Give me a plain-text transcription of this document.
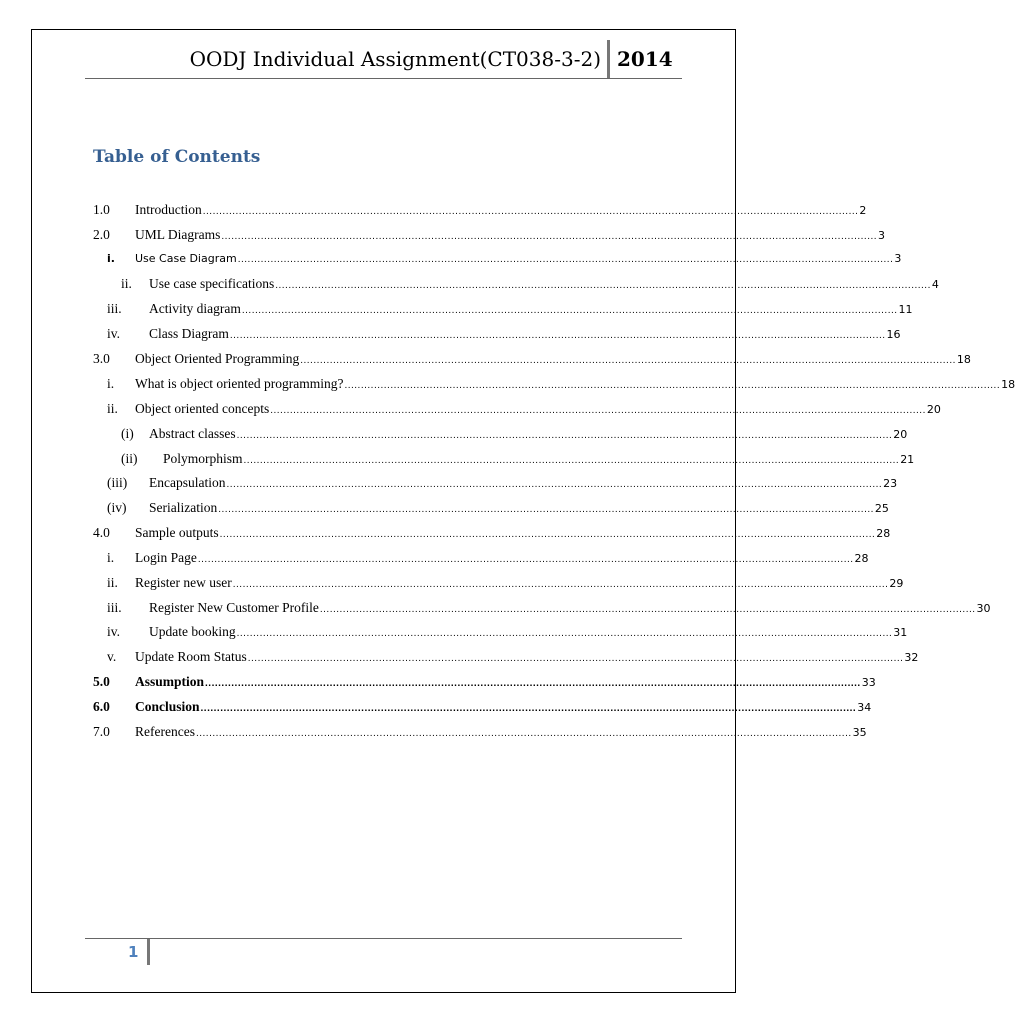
OODJ Individual Assignment(CT038-3-2) 2014
Table of Contents
1.0 Introduction ........................................................................................................................................................................................................ 2
2.0 UML Diagrams ........................................................................................................................................................................................................ 3
i. Use Case Diagram ........................................................................................................................................................................................................ 3
ii. Use case specifications ........................................................................................................................................................................................................ 4
iii. Activity diagram ........................................................................................................................................................................................................ 11
iv. Class Diagram ........................................................................................................................................................................................................ 16
3.0 Object Oriented Programming ........................................................................................................................................................................................................ 18
i. What is object oriented programming? ........................................................................................................................................................................................................ 18
ii. Object oriented concepts ........................................................................................................................................................................................................ 20
(i) Abstract classes ........................................................................................................................................................................................................ 20
(ii) Polymorphism ........................................................................................................................................................................................................ 21
(iii) Encapsulation ........................................................................................................................................................................................................ 23
(iv) Serialization ........................................................................................................................................................................................................ 25
4.0 Sample outputs ........................................................................................................................................................................................................ 28
i. Login Page ........................................................................................................................................................................................................ 28
ii. Register new user ........................................................................................................................................................................................................ 29
iii. Register New Customer Profile ........................................................................................................................................................................................................ 30
iv. Update booking ........................................................................................................................................................................................................ 31
v. Update Room Status ........................................................................................................................................................................................................ 32
5.0 Assumption ........................................................................................................................................................................................................ 33
6.0 Conclusion ........................................................................................................................................................................................................ 34
7.0 References ........................................................................................................................................................................................................ 35
1
